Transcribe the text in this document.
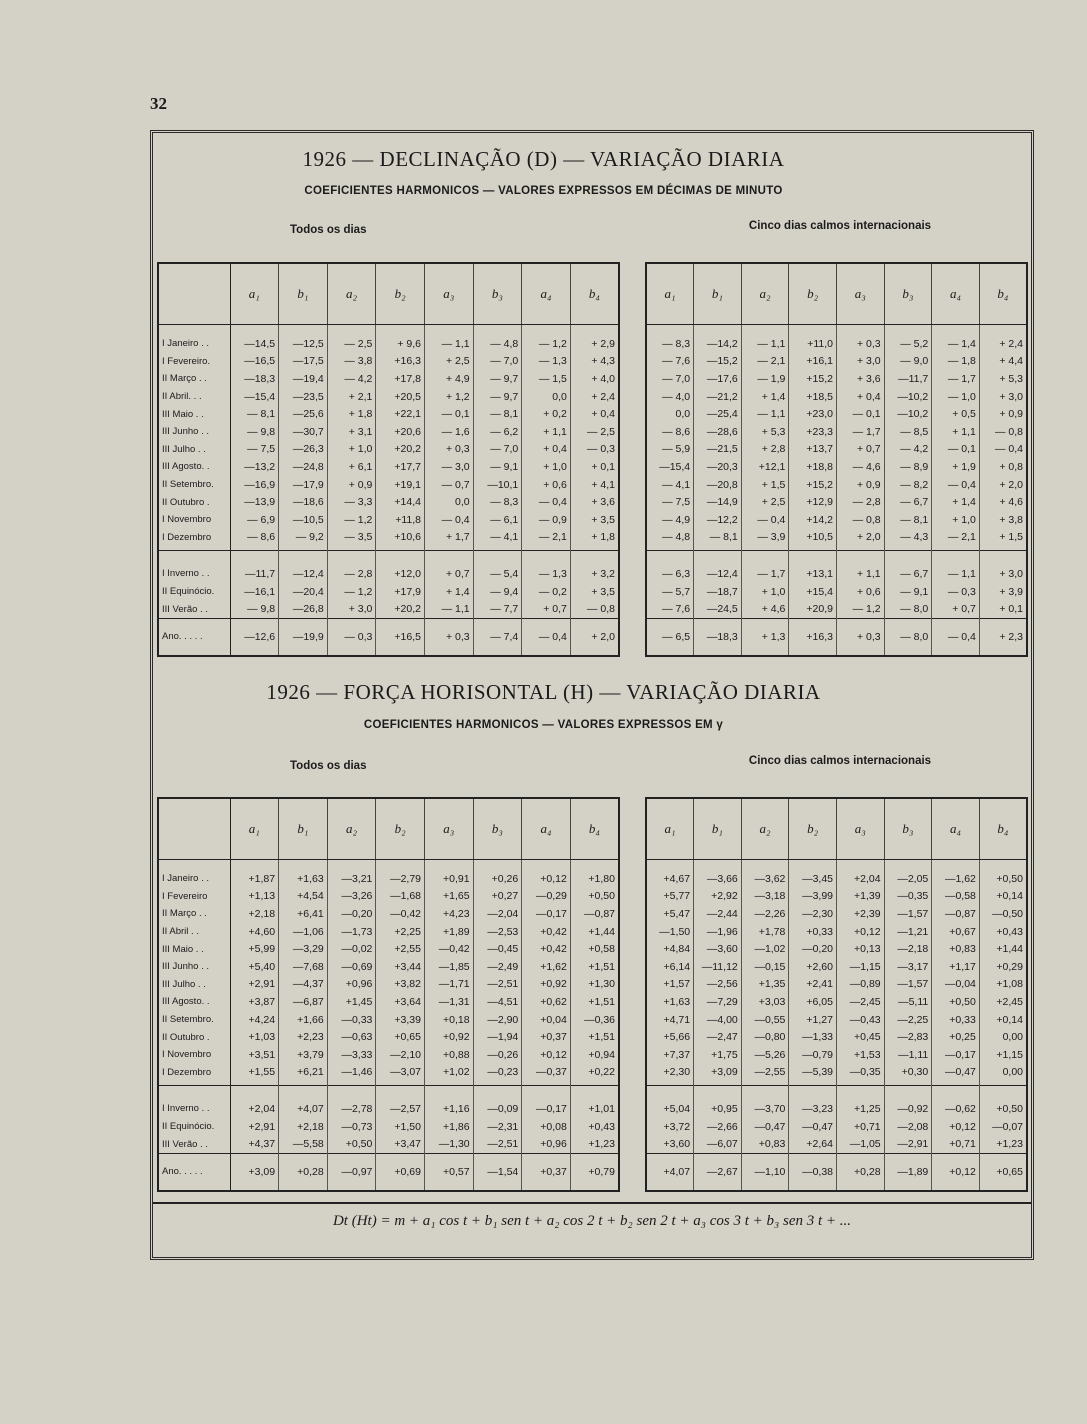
32
1926 — DECLINAÇÃO (D) — VARIAÇÃO DIARIA
COEFICIENTES HARMONICOS — VALORES EXPRESSOS EM DÉCIMAS DE MINUTO
Todos os dias	Cinco dias calmos internacionais
	a₁	b₁	a₂	b₂	a₃	b₃	a₄	b₄
I Janeiro . .	—14,5	—12,5	— 2,5	+ 9,6	— 1,1	— 4,8	— 1,2	+ 2,9
I Fevereiro.	—16,5	—17,5	— 3,8	+16,3	+ 2,5	— 7,0	— 1,3	+ 4,3
II Março . .	—18,3	—19,4	— 4,2	+17,8	+ 4,9	— 9,7	— 1,5	+ 4,0
II Abril. . .	—15,4	—23,5	+ 2,1	+20,5	+ 1,2	— 9,7	0,0	+ 2,4
III Maio . .	— 8,1	—25,6	+ 1,8	+22,1	— 0,1	— 8,1	+ 0,2	+ 0,4
III Junho . .	— 9,8	—30,7	+ 3,1	+20,6	— 1,6	— 6,2	+ 1,1	— 2,5
III Julho . .	— 7,5	—26,3	+ 1,0	+20,2	+ 0,3	— 7,0	+ 0,4	— 0,3
III Agosto. .	—13,2	—24,8	+ 6,1	+17,7	— 3,0	— 9,1	+ 1,0	+ 0,1
II Setembro.	—16,9	—17,9	+ 0,9	+19,1	— 0,7	—10,1	+ 0,6	+ 4,1
II Outubro .	—13,9	—18,6	— 3,3	+14,4	0,0	— 8,3	— 0,4	+ 3,6
I Novembro	— 6,9	—10,5	— 1,2	+11,8	— 0,4	— 6,1	— 0,9	+ 3,5
I Dezembro	— 8,6	— 9,2	— 3,5	+10,6	+ 1,7	— 4,1	— 2,1	+ 1,8
I Inverno . .	—11,7	—12,4	— 2,8	+12,0	+ 0,7	— 5,4	— 1,3	+ 3,2
II Equinócio.	—16,1	—20,4	— 1,2	+17,9	+ 1,4	— 9,4	— 0,2	+ 3,5
III Verão . .	— 9,8	—26,8	+ 3,0	+20,2	— 1,1	— 7,7	+ 0,7	— 0,8
Ano. . . . .	—12,6	—19,9	— 0,3	+16,5	+ 0,3	— 7,4	— 0,4	+ 2,0
a₁	b₁	a₂	b₂	a₃	b₃	a₄	b₄
— 8,3	—14,2	— 1,1	+11,0	+ 0,3	— 5,2	— 1,4	+ 2,4
— 7,6	—15,2	— 2,1	+16,1	+ 3,0	— 9,0	— 1,8	+ 4,4
— 7,0	—17,6	— 1,9	+15,2	+ 3,6	—11,7	— 1,7	+ 5,3
— 4,0	—21,2	+ 1,4	+18,5	+ 0,4	—10,2	— 1,0	+ 3,0
0,0	—25,4	— 1,1	+23,0	— 0,1	—10,2	+ 0,5	+ 0,9
— 8,6	—28,6	+ 5,3	+23,3	— 1,7	— 8,5	+ 1,1	— 0,8
— 5,9	—21,5	+ 2,8	+13,7	+ 0,7	— 4,2	— 0,1	— 0,4
—15,4	—20,3	+12,1	+18,8	— 4,6	— 8,9	+ 1,9	+ 0,8
— 4,1	—20,8	+ 1,5	+15,2	+ 0,9	— 8,2	— 0,4	+ 2,0
— 7,5	—14,9	+ 2,5	+12,9	— 2,8	— 6,7	+ 1,4	+ 4,6
— 4,9	—12,2	— 0,4	+14,2	— 0,8	— 8,1	+ 1,0	+ 3,8
— 4,8	— 8,1	— 3,9	+10,5	+ 2,0	— 4,3	— 2,1	+ 1,5
— 6,3	—12,4	— 1,7	+13,1	+ 1,1	— 6,7	— 1,1	+ 3,0
— 5,7	—18,7	+ 1,0	+15,4	+ 0,6	— 9,1	— 0,3	+ 3,9
— 7,6	—24,5	+ 4,6	+20,9	— 1,2	— 8,0	+ 0,7	+ 0,1
— 6,5	—18,3	+ 1,3	+16,3	+ 0,3	— 8,0	— 0,4	+ 2,3
1926 — FORÇA HORISONTAL (H) — VARIAÇÃO DIARIA
COEFICIENTES HARMONICOS — VALORES EXPRESSOS EM γ
Todos os dias	Cinco dias calmos internacionais
	a₁	b₁	a₂	b₂	a₃	b₃	a₄	b₄
I Janeiro . .	+1,87	+1,63	—3,21	—2,79	+0,91	+0,26	+0,12	+1,80
I Fevereiro	+1,13	+4,54	—3,26	—1,68	+1,65	+0,27	—0,29	+0,50
II Março . .	+2,18	+6,41	—0,20	—0,42	+4,23	—2,04	—0,17	—0,87
II Abril . .	+4,60	—1,06	—1,73	+2,25	+1,89	—2,53	+0,42	+1,44
III Maio . .	+5,99	—3,29	—0,02	+2,55	—0,42	—0,45	+0,42	+0,58
III Junho . .	+5,40	—7,68	—0,69	+3,44	—1,85	—2,49	+1,62	+1,51
III Julho . .	+2,91	—4,37	+0,96	+3,82	—1,71	—2,51	+0,92	+1,30
III Agosto. .	+3,87	—6,87	+1,45	+3,64	—1,31	—4,51	+0,62	+1,51
II Setembro.	+4,24	+1,66	—0,33	+3,39	+0,18	—2,90	+0,04	—0,36
II Outubro .	+1,03	+2,23	—0,63	+0,65	+0,92	—1,94	+0,37	+1,51
I Novembro	+3,51	+3,79	—3,33	—2,10	+0,88	—0,26	+0,12	+0,94
I Dezembro	+1,55	+6,21	—1,46	—3,07	+1,02	—0,23	—0,37	+0,22
I Inverno . .	+2,04	+4,07	—2,78	—2,57	+1,16	—0,09	—0,17	+1,01
II Equinócio.	+2,91	+2,18	—0,73	+1,50	+1,86	—2,31	+0,08	+0,43
III Verão . .	+4,37	—5,58	+0,50	+3,47	—1,30	—2,51	+0,96	+1,23
Ano. . . . .	+3,09	+0,28	—0,97	+0,69	+0,57	—1,54	+0,37	+0,79
a₁	b₁	a₂	b₂	a₃	b₃	a₄	b₄
+4,67	—3,66	—3,62	—3,45	+2,04	—2,05	—1,62	+0,50
+5,77	+2,92	—3,18	—3,99	+1,39	—0,35	—0,58	+0,14
+5,47	—2,44	—2,26	—2,30	+2,39	—1,57	—0,87	—0,50
—1,50	—1,96	+1,78	+0,33	+0,12	—1,21	+0,67	+0,43
+4,84	—3,60	—1,02	—0,20	+0,13	—2,18	+0,83	+1,44
+6,14	—11,12	—0,15	+2,60	—1,15	—3,17	+1,17	+0,29
+1,57	—2,56	+1,35	+2,41	—0,89	—1,57	—0,04	+1,08
+1,63	—7,29	+3,03	+6,05	—2,45	—5,11	+0,50	+2,45
+4,71	—4,00	—0,55	+1,27	—0,43	—2,25	+0,33	+0,14
+5,66	—2,47	—0,80	—1,33	+0,45	—2,83	+0,25	0,00
+7,37	+1,75	—5,26	—0,79	+1,53	—1,11	—0,17	+1,15
+2,30	+3,09	—2,55	—5,39	—0,35	+0,30	—0,47	0,00
+5,04	+0,95	—3,70	—3,23	+1,25	—0,92	—0,62	+0,50
+3,72	—2,66	—0,47	—0,47	+0,71	—2,08	+0,12	—0,07
+3,60	—6,07	+0,83	+2,64	—1,05	—2,91	+0,71	+1,23
+4,07	—2,67	—1,10	—0,38	+0,28	—1,89	+0,12	+0,65
Dt (Ht) = m + a₁ cos t + b₁ sen t + a₂ cos 2 t + b₂ sen 2 t + a₃ cos 3 t + b₃ sen 3 t + ...
